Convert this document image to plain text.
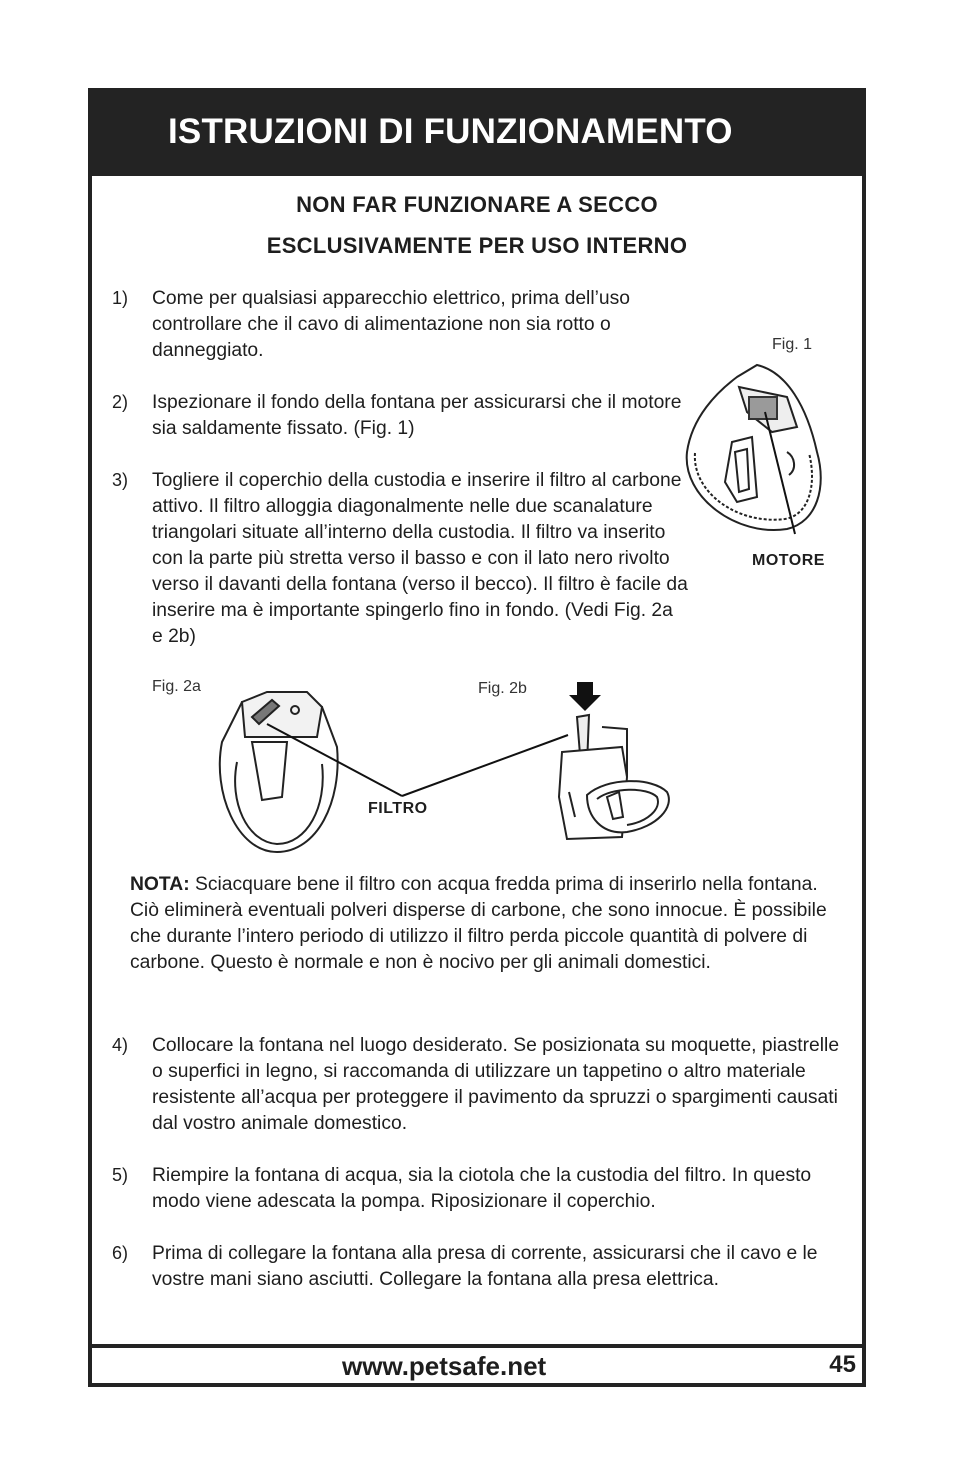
ISTRUZIONI DI FUNZIONAMENTO
NON FAR FUNZIONARE A SECCO
ESCLUSIVAMENTE PER USO INTERNO
1) Come per qualsiasi apparecchio elettrico, prima dell’uso controllare che il cavo di alimentazione non sia rotto o danneggiato.
2) Ispezionare il fondo della fontana per assicurarsi che il motore sia saldamente fissato. (Fig. 1)
3) Togliere il coperchio della custodia e inserire il filtro al carbone attivo. Il filtro alloggia diagonalmente nelle due scanalature triangolari situate all’interno della custodia. Il filtro va inserito con la parte più stretta verso il basso e con il lato nero rivolto verso il davanti della fontana (verso il becco). Il filtro è facile da inserire ma è importante spingerlo fino in fondo. (Vedi Fig. 2a e 2b)
Fig. 1
MOTORE
Fig. 2a	Fig. 2b
FILTRO
NOTA: Sciacquare bene il filtro con acqua fredda prima di inserirlo nella fontana. Ciò eliminerà eventuali polveri disperse di carbone, che sono innocue. È possibile che durante l’intero periodo di utilizzo il filtro perda piccole quantità di polvere di carbone. Questo è normale e non è nocivo per gli animali domestici.
4) Collocare la fontana nel luogo desiderato. Se posizionata su moquette, piastrelle o superfici in legno, si raccomanda di utilizzare un tappetino o altro materiale resistente all’acqua per proteggere il pavimento da spruzzi o spargimenti causati dal vostro animale domestico.
5) Riempire la fontana di acqua, sia la ciotola che la custodia del filtro. In questo modo viene adescata la pompa. Riposizionare il coperchio.
6) Prima di collegare la fontana alla presa di corrente, assicurarsi che il cavo e le vostre mani siano asciutti. Collegare la fontana alla presa elettrica.
www.petsafe.net	45
